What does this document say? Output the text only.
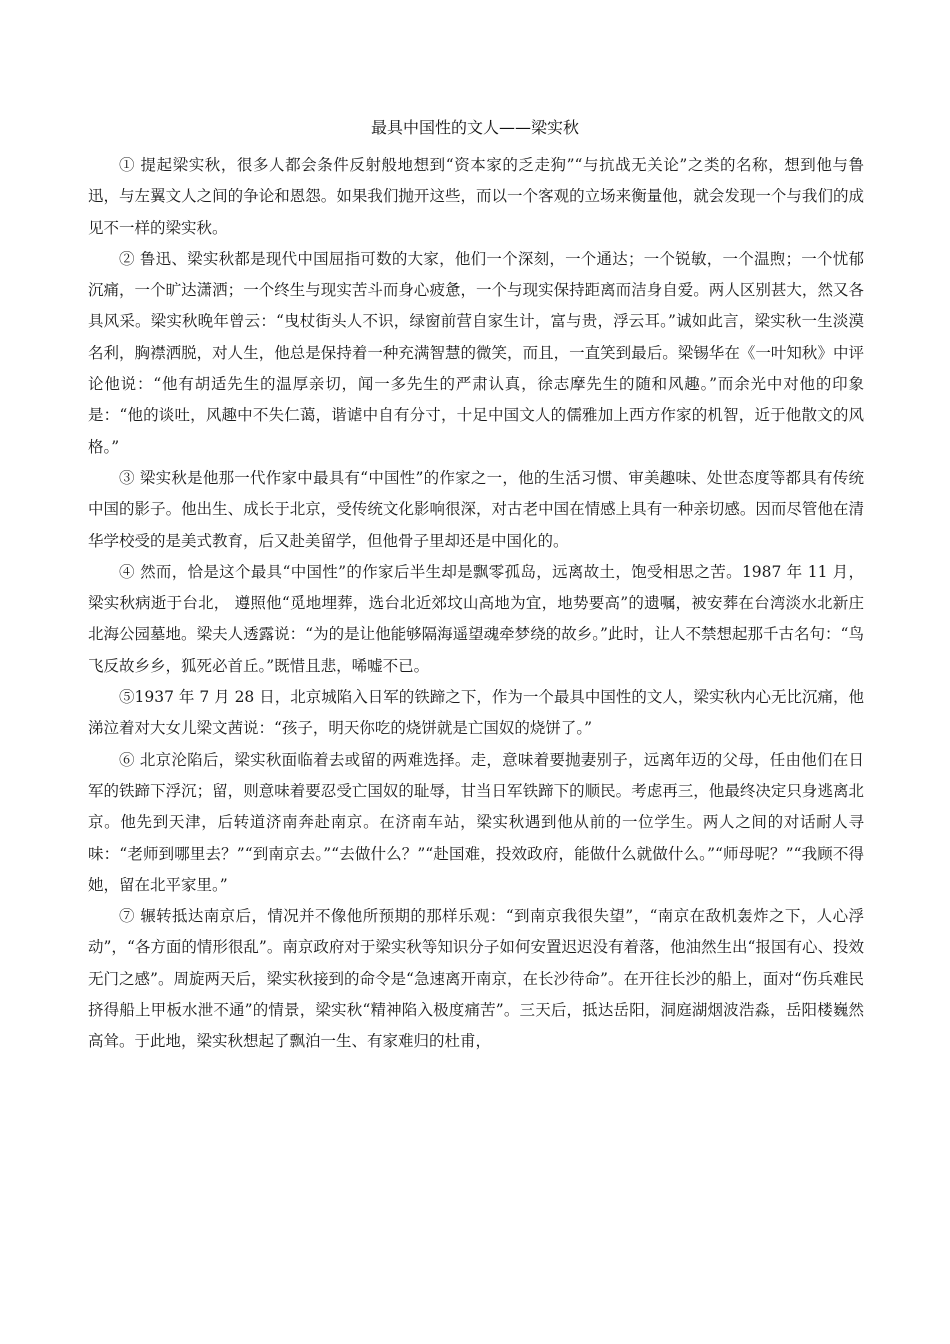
最具中国性的文人——梁实秋

① 提起梁实秋，很多人都会条件反射般地想到“资本家的乏走狗”“与抗战无关论”之类的名称，想到他与鲁迅，与左翼文人之间的争论和恩怨。如果我们抛开这些，而以一个客观的立场来衡量他，就会发现一个与我们的成见不一样的梁实秋。

② 鲁迅、梁实秋都是现代中国屈指可数的大家，他们一个深刻，一个通达；一个锐敏，一个温煦；一个忧郁沉痛，一个旷达潇洒；一个终生与现实苦斗而身心疲惫，一个与现实保持距离而洁身自爱。两人区别甚大，然又各具风采。梁实秋晚年曾云：“曳杖街头人不识，绿窗前营自家生计，富与贵，浮云耳。”诚如此言，梁实秋一生淡漠名利，胸襟洒脱，对人生，他总是保持着一种充满智慧的微笑，而且，一直笑到最后。梁锡华在《一叶知秋》中评论他说：“他有胡适先生的温厚亲切，闻一多先生的严肃认真，徐志摩先生的随和风趣。”而余光中对他的印象是：“他的谈吐，风趣中不失仁蔼，谐谑中自有分寸，十足中国文人的儒雅加上西方作家的机智，近于他散文的风格。”

③ 梁实秋是他那一代作家中最具有“中国性”的作家之一，他的生活习惯、审美趣味、处世态度等都具有传统中国的影子。他出生、成长于北京，受传统文化影响很深，对古老中国在情感上具有一种亲切感。因而尽管他在清华学校受的是美式教育，后又赴美留学，但他骨子里却还是中国化的。

④ 然而，恰是这个最具“中国性”的作家后半生却是飘零孤岛，远离故土，饱受相思之苦。1987 年 11 月，梁实秋病逝于台北， 遵照他“觅地埋葬，选台北近郊坟山高地为宜，地势要高”的遗嘱，被安葬在台湾淡水北新庄北海公园墓地。梁夫人透露说：“为的是让他能够隔海遥望魂牵梦绕的故乡。”此时，让人不禁想起那千古名句：“鸟飞反故乡乡，狐死必首丘。”既惜且悲，唏嘘不已。

⑤1937 年 7 月 28 日，北京城陷入日军的铁蹄之下，作为一个最具中国性的文人，梁实秋内心无比沉痛，他涕泣着对大女儿梁文茜说：“孩子，明天你吃的烧饼就是亡国奴的烧饼了。”

⑥ 北京沦陷后，梁实秋面临着去或留的两难选择。走，意味着要抛妻别子，远离年迈的父母，任由他们在日军的铁蹄下浮沉；留，则意味着要忍受亡国奴的耻辱，甘当日军铁蹄下的顺民。考虑再三，他最终决定只身逃离北京。他先到天津，后转道济南奔赴南京。在济南车站，梁实秋遇到他从前的一位学生。两人之间的对话耐人寻味：“老师到哪里去？”“到南京去。”“去做什么？”“赴国难，投效政府，能做什么就做什么。”“师母呢？”“我顾不得她，留在北平家里。”

⑦ 辗转抵达南京后，情况并不像他所预期的那样乐观：“到南京我很失望”，“南京在敌机轰炸之下，人心浮动”，“各方面的情形很乱”。南京政府对于梁实秋等知识分子如何安置迟迟没有着落，他油然生出“报国有心、投效无门之感”。周旋两天后，梁实秋接到的命令是“急速离开南京，在长沙待命”。在开往长沙的船上，面对“伤兵难民挤得船上甲板水泄不通”的情景，梁实秋“精神陷入极度痛苦”。三天后，抵达岳阳，洞庭湖烟波浩淼，岳阳楼巍然高耸。于此地，梁实秋想起了飘泊一生、有家难归的杜甫，
